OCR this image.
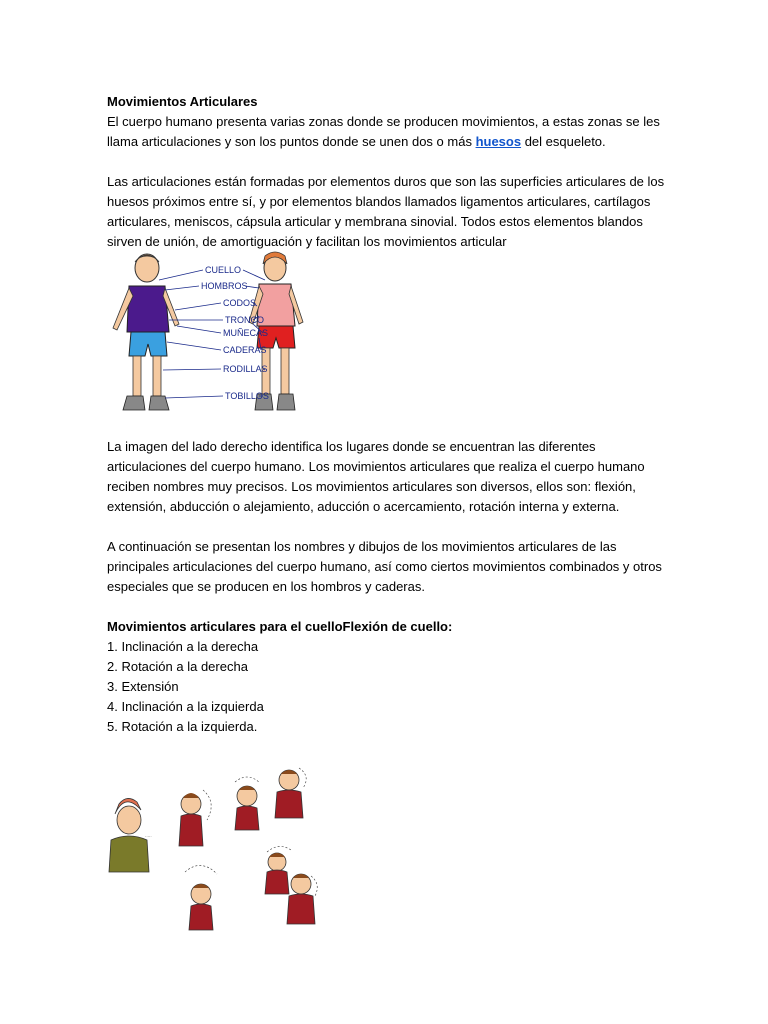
Movimientos Articulares

El cuerpo humano presenta varias zonas donde se producen movimientos, a estas zonas se les llama articulaciones y son los puntos donde se unen dos o más huesos del esqueleto.

Las articulaciones están formadas por elementos duros que son las superficies articulares de los huesos próximos entre sí, y por elementos blandos llamados ligamentos articulares, cartílagos articulares, meniscos, cápsula articular y membrana sinovial. Todos estos elementos blandos sirven de unión, de amortiguación y facilitan los movimientos articular

La imagen del lado derecho identifica los lugares donde se encuentran las diferentes articulaciones del cuerpo humano. Los movimientos articulares que realiza el cuerpo humano reciben nombres muy precisos. Los movimientos articulares son diversos, ellos son: flexión, extensión, abducción o alejamiento, aducción o acercamiento, rotación interna y externa.

A continuación se presentan los nombres y dibujos de los movimientos articulares de las principales articulaciones del cuerpo humano, así como ciertos movimientos combinados y otros especiales que se producen en los hombros y caderas.

Movimientos articulares para el cuelloFlexión de cuello:

1. Inclinación a la derecha
2. Rotación a la derecha
3. Extensión
4. Inclinación a la izquierda
5. Rotación a la izquierda.
CUELLO
HOMBROS
CODOS
TRONCO
MUÑECAS
CADERAS
RODILLAS
TOBILLOS
·····
